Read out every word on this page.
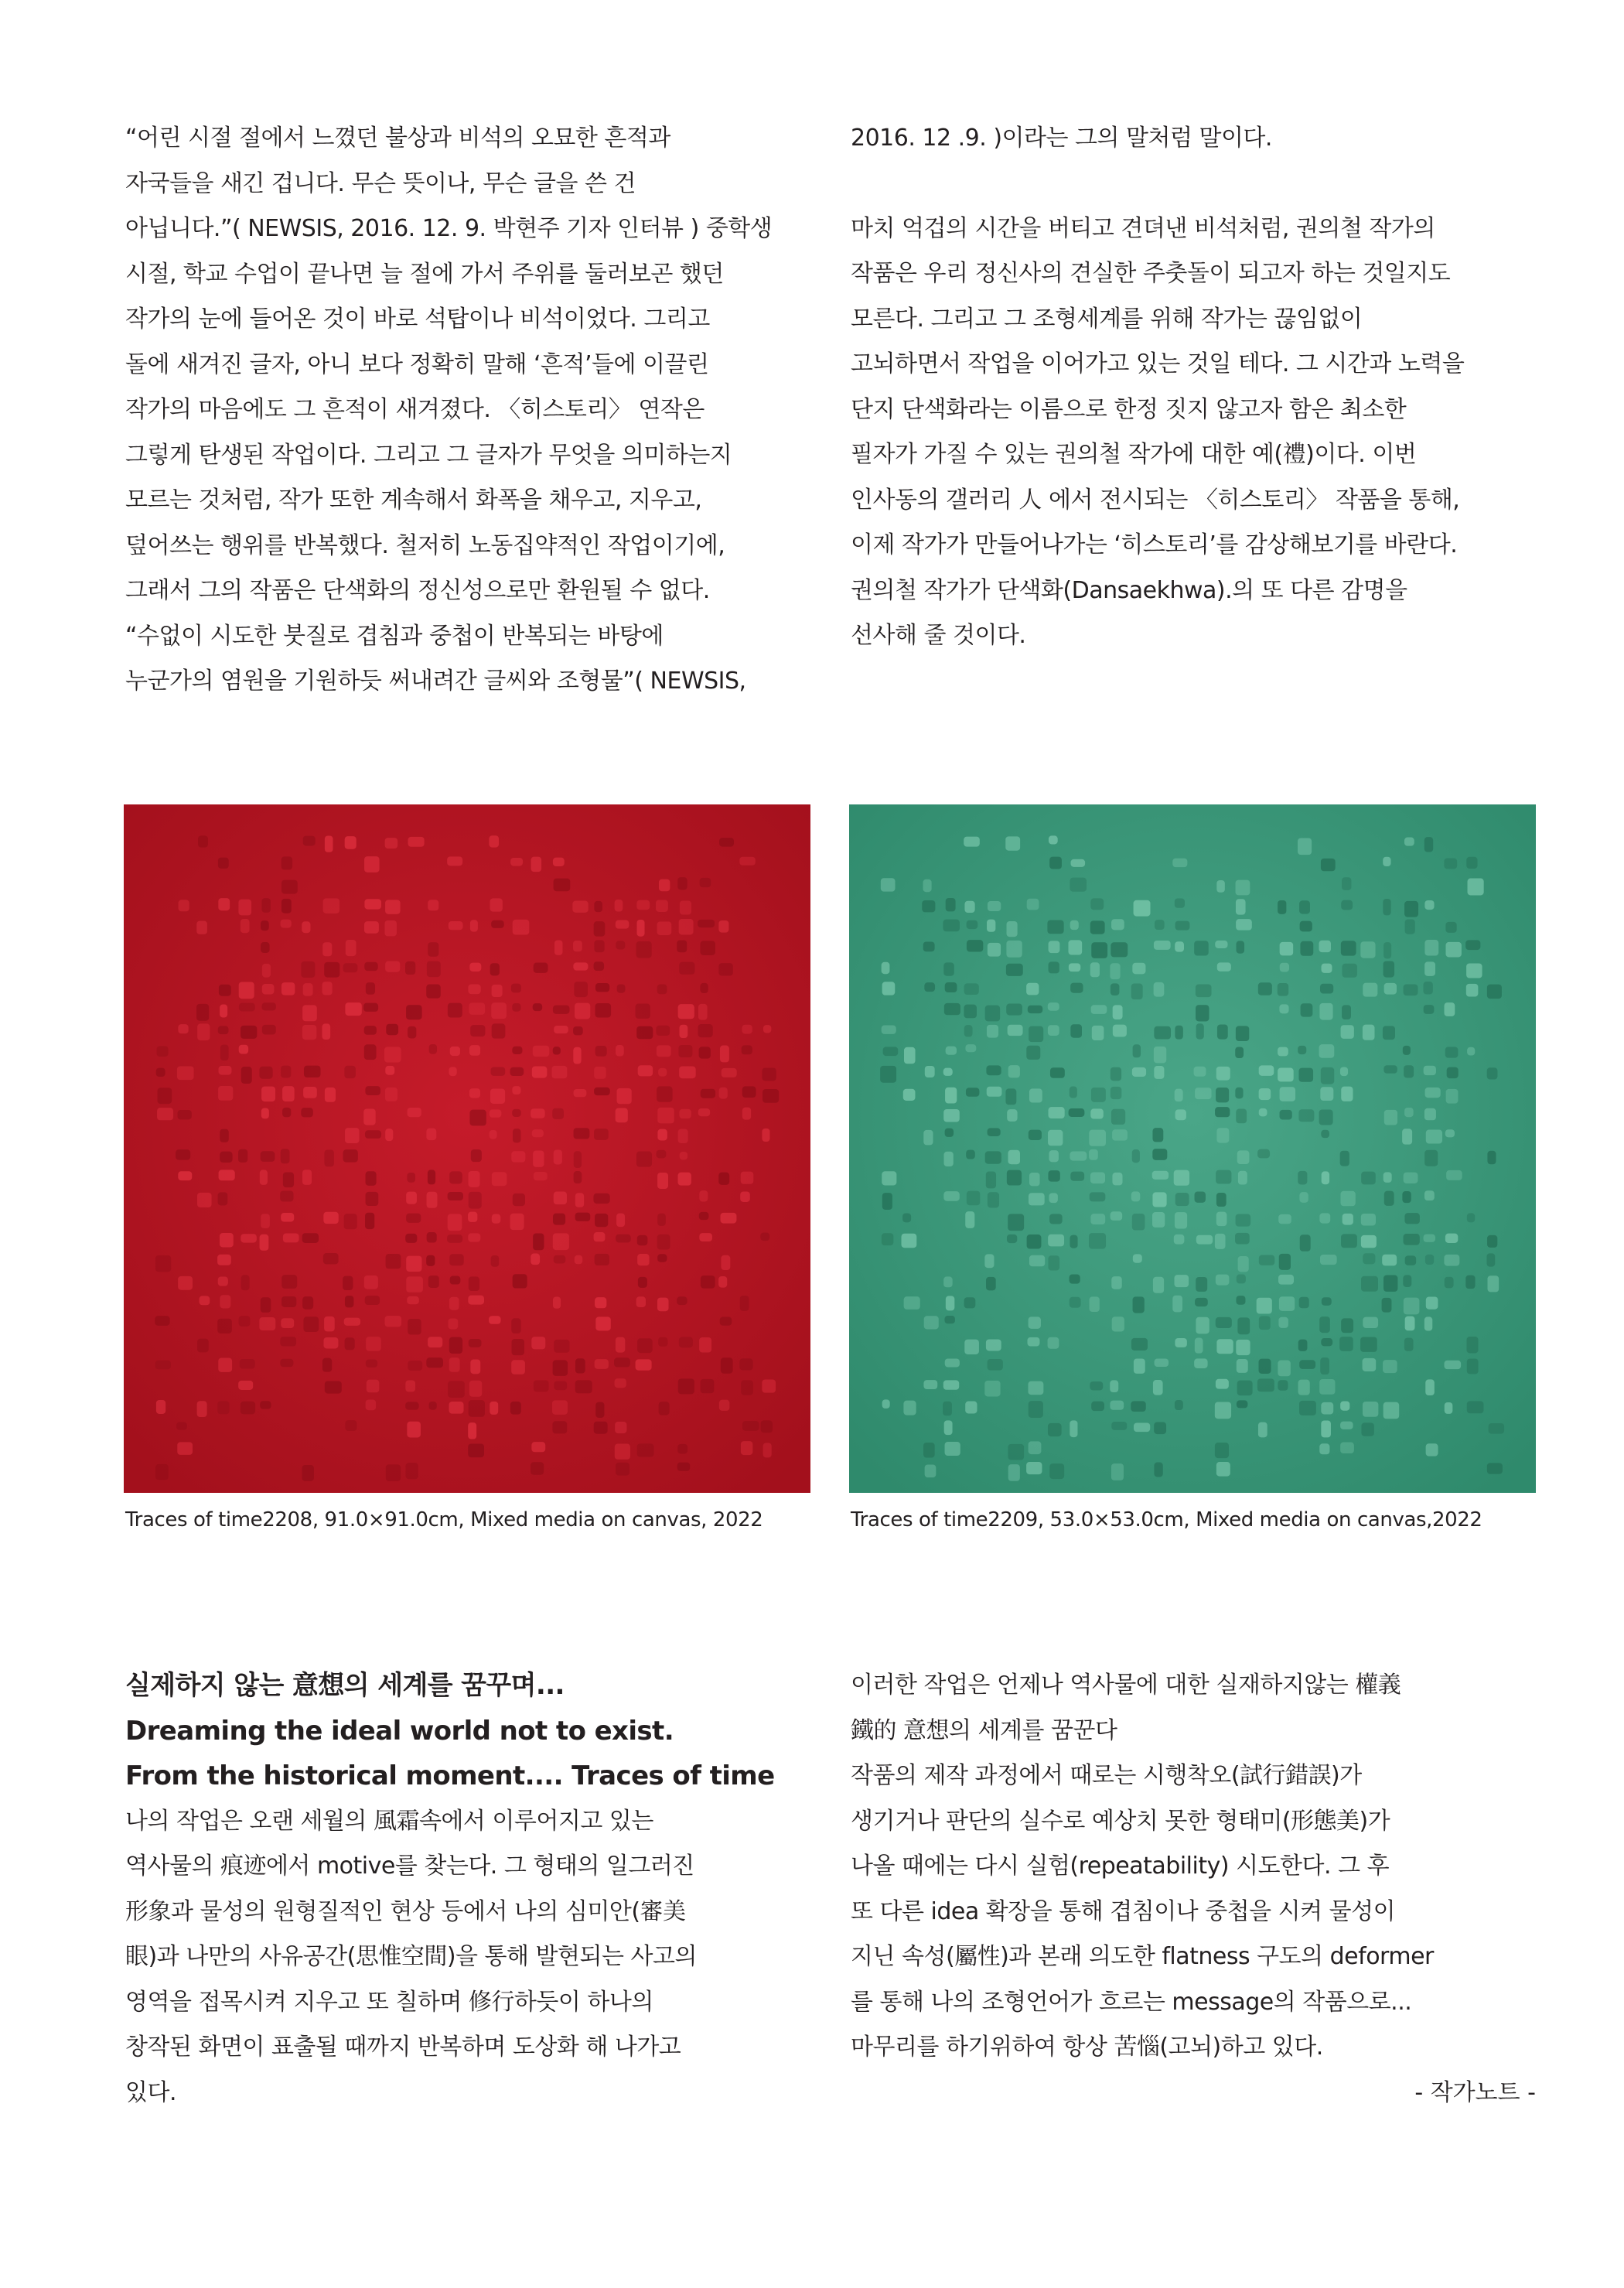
“어린 시절 절에서 느꼈던 불상과 비석의 오묘한 흔적과

자국들을 새긴 겁니다. 무슨 뜻이나, 무슨 글을 쓴 건

아닙니다.”( NEWSIS, 2016. 12. 9. 박현주 기자 인터뷰 ) 중학생

시절, 학교 수업이 끝나면 늘 절에 가서 주위를 둘러보곤 했던

작가의 눈에 들어온 것이 바로 석탑이나 비석이었다. 그리고

돌에 새겨진 글자, 아니 보다 정확히 말해 ‘흔적’들에 이끌린

작가의 마음에도 그 흔적이 새겨졌다. 〈히스토리〉 연작은

그렇게 탄생된 작업이다. 그리고 그 글자가 무엇을 의미하는지

모르는 것처럼, 작가 또한 계속해서 화폭을 채우고, 지우고,

덮어쓰는 행위를 반복했다. 철저히 노동집약적인 작업이기에,

그래서 그의 작품은 단색화의 정신성으로만 환원될 수 없다.

“수없이 시도한 붓질로 겹침과 중첩이 반복되는 바탕에

누군가의 염원을 기원하듯 써내려간 글씨와 조형물”( NEWSIS,

2016. 12 .9. )이라는 그의 말처럼 말이다.

마치 억겁의 시간을 버티고 견뎌낸 비석처럼, 권의철 작가의

작품은 우리 정신사의 견실한 주춧돌이 되고자 하는 것일지도

모른다. 그리고 그 조형세계를 위해 작가는 끊임없이

고뇌하면서 작업을 이어가고 있는 것일 테다. 그 시간과 노력을

단지 단색화라는 이름으로 한정 짓지 않고자 함은 최소한

필자가 가질 수 있는 권의철 작가에 대한 예(禮)이다. 이번

인사동의 갤러리 人 에서 전시되는 〈히스토리〉 작품을 통해,

이제 작가가 만들어나가는 ‘히스토리’를 감상해보기를 바란다.

권의철 작가가 단색화(Dansaekhwa).의 또 다른 감명을

선사해 줄 것이다.

Traces of time2208, 91.0×91.0cm, Mixed media on canvas, 2022	Traces of time2209, 53.0×53.0cm, Mixed media on canvas,2022

실제하지 않는 意想의 세계를 꿈꾸며...

Dreaming the ideal world not to exist.

From the historical moment.... Traces of time

나의 작업은 오랜 세월의 風霜속에서 이루어지고 있는

역사물의 痕迹에서 motive를 찾는다. 그 형태의 일그러진

形象과 물성의 원형질적인 현상 등에서 나의 심미안(審美

眼)과 나만의 사유공간(思惟空間)을 통해 발현되는 사고의

영역을 접목시켜 지우고 또 칠하며 修行하듯이 하나의

창작된 화면이 표출될 때까지 반복하며 도상화 해 나가고

있다.

이러한 작업은 언제나 역사물에 대한 실재하지않는 權義

鐵的 意想의 세계를 꿈꾼다

작품의 제작 과정에서 때로는 시행착오(試行錯誤)가

생기거나 판단의 실수로 예상치 못한 형태미(形態美)가

나올 때에는 다시 실험(repeatability) 시도한다. 그 후

또 다른 idea 확장을 통해 겹침이나 중첩을 시켜 물성이

지닌 속성(屬性)과 본래 의도한 flatness 구도의 deformer

를 통해 나의 조형언어가 흐르는 message의 작품으로...

마무리를 하기위하여 항상 苦惱(고뇌)하고 있다.

- 작가노트 -
